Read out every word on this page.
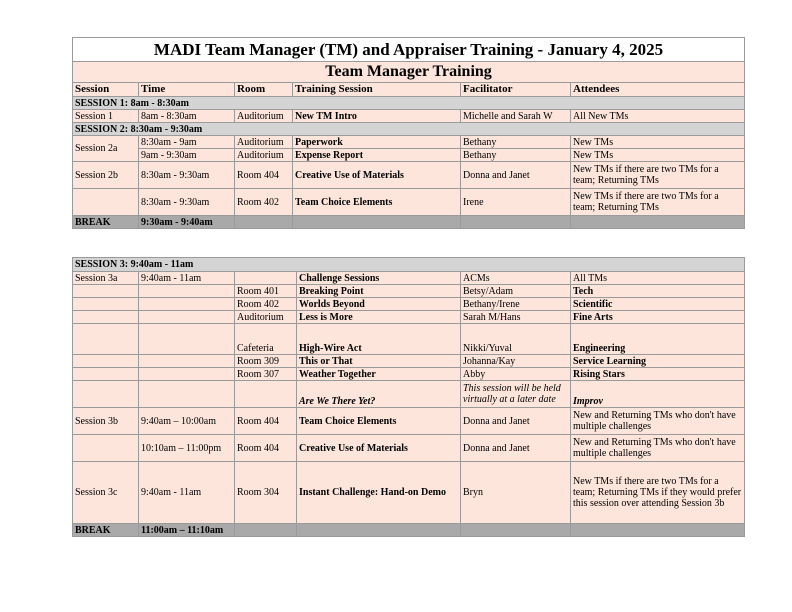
MADI Team Manager (TM) and Appraiser Training - January 4, 2025					
Team Manager Training					
Session	Time	Room	Training Session	Facilitator	Attendees
SESSION 1: 8am - 8:30am					
Session 1	8am - 8:30am	Auditorium	New TM Intro	Michelle and Sarah W	All New TMs
SESSION 2: 8:30am - 9:30am					
Session 2a	8:30am - 9am	Auditorium	Paperwork	Bethany	New TMs
	9am - 9:30am	Auditorium	Expense Report	Bethany	New TMs
Session 2b	8:30am - 9:30am	Room 404	Creative Use of Materials	Donna and Janet	New TMs if there are two TMs for a team; Returning TMs
	8:30am - 9:30am	Room 402	Team Choice Elements	Irene	New TMs if there are two TMs for a team; Returning TMs
BREAK	9:30am - 9:40am				
SESSION 3: 9:40am - 11am					
Session 3a	9:40am - 11am		Challenge Sessions	ACMs	All TMs
		Room 401	Breaking Point	Betsy/Adam	Tech
		Room 402	Worlds Beyond	Bethany/Irene	Scientific
		Auditorium	Less is More	Sarah M/Hans	Fine Arts
		Cafeteria	High-Wire Act	Nikki/Yuval	Engineering
		Room 309	This or That	Johanna/Kay	Service Learning
		Room 307	Weather Together	Abby	Rising Stars
			Are We There Yet?	This session will be held virtually at a later date	Improv
Session 3b	9:40am – 10:00am	Room 404	Team Choice Elements	Donna and Janet	New and Returning TMs who don't have multiple challenges
	10:10am – 11:00pm	Room 404	Creative Use of Materials	Donna and Janet	New and Returning TMs who don't have multiple challenges
Session 3c	9:40am - 11am	Room 304	Instant Challenge: Hand-on Demo	Bryn	New TMs if there are two TMs for a team; Returning TMs if they would prefer this session over attending Session 3b
BREAK	11:00am – 11:10am				
